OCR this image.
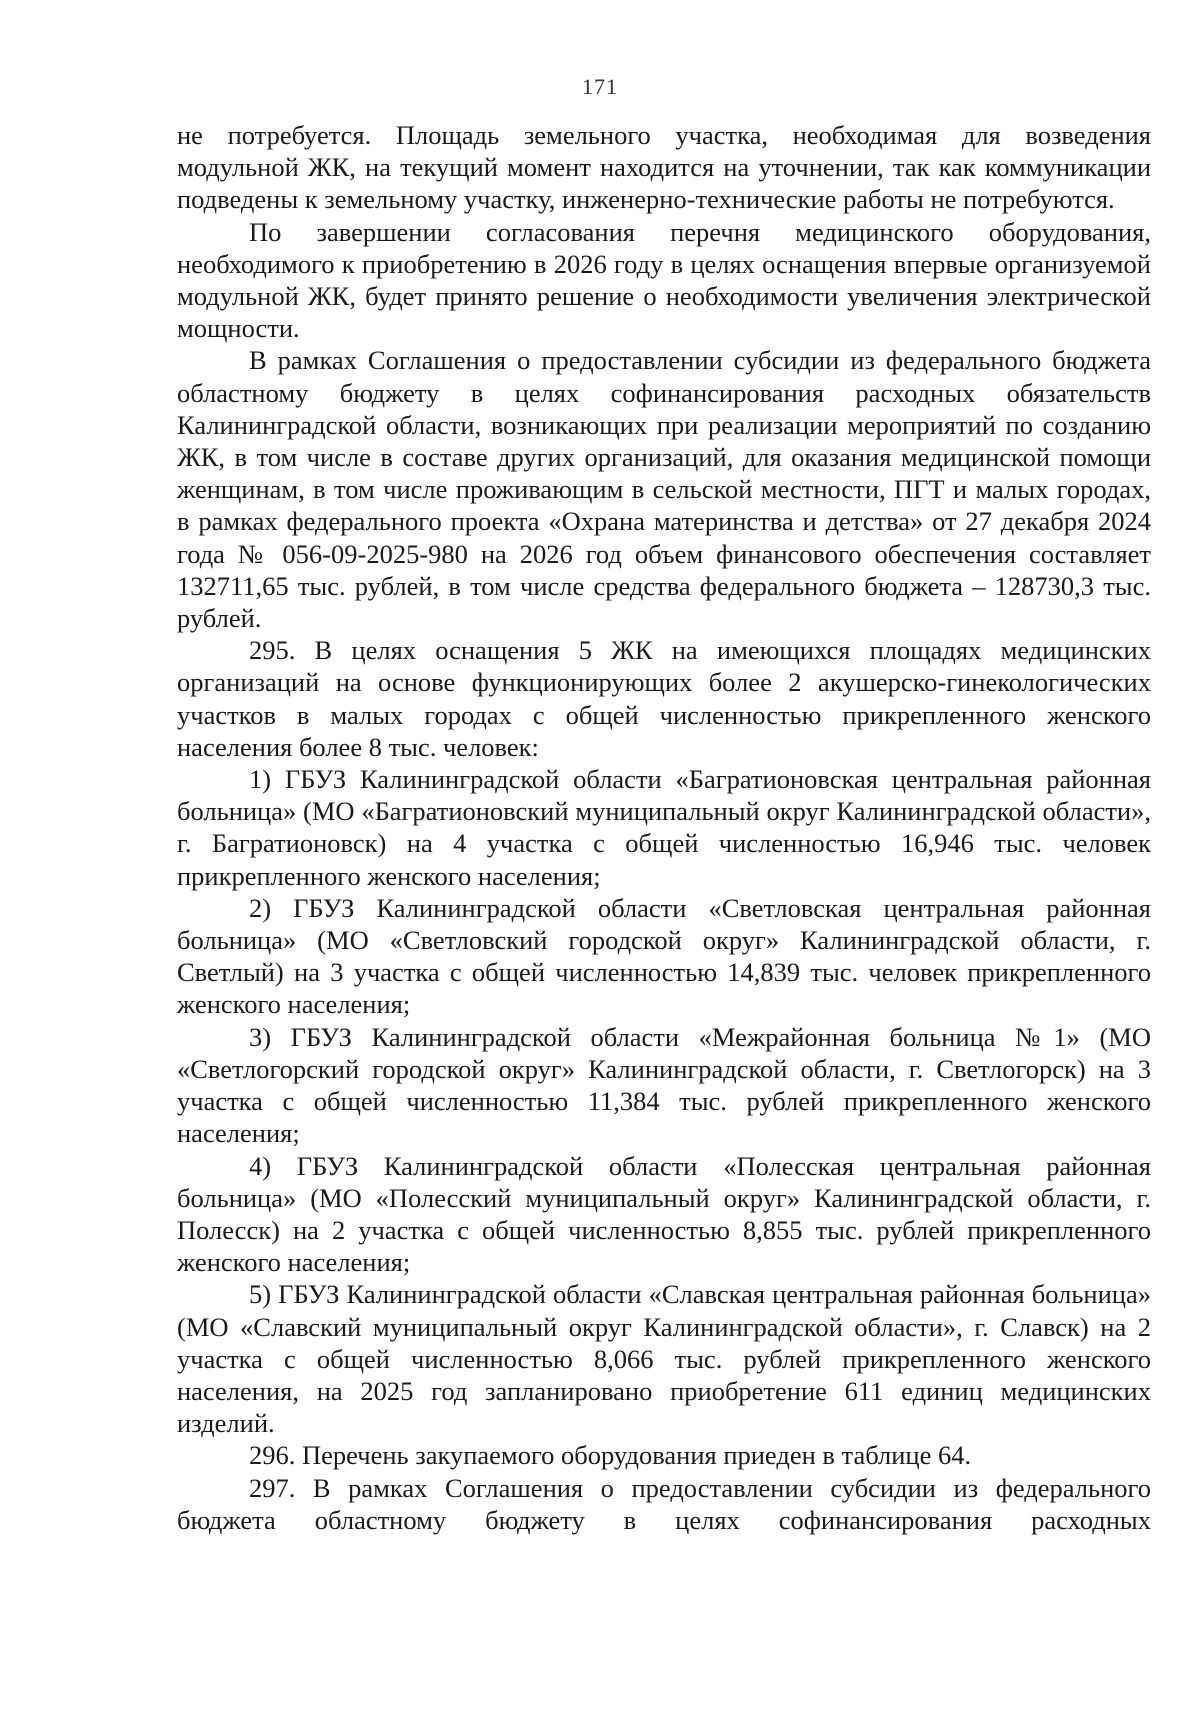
171

не потребуется. Площадь земельного участка, необходимая для возведения модульной ЖК, на текущий момент находится на уточнении, так как коммуникации подведены к земельному участку, инженерно-технические работы не потребуются.

По завершении согласования перечня медицинского оборудования, необходимого к приобретению в 2026 году в целях оснащения впервые организуемой модульной ЖК, будет принято решение о необходимости увеличения электрической мощности.

В рамках Соглашения о предоставлении субсидии из федерального бюджета областному бюджету в целях софинансирования расходных обязательств Калининградской области, возникающих при реализации мероприятий по созданию ЖК, в том числе в составе других организаций, для оказания медицинской помощи женщинам, в том числе проживающим в сельской местности, ПГТ и малых городах, в рамках федерального проекта «Охрана материнства и детства» от 27 декабря 2024 года № 056-09-2025-980 на 2026 год объем финансового обеспечения составляет 132711,65 тыс. рублей, в том числе средства федерального бюджета – 128730,3 тыс. рублей.

295. В целях оснащения 5 ЖК на имеющихся площадях медицинских организаций на основе функционирующих более 2 акушерско-гинекологических участков в малых городах с общей численностью прикрепленного женского населения более 8 тыс. человек:

1) ГБУЗ Калининградской области «Багратионовская центральная районная больница» (МО «Багратионовский муниципальный округ Калининградской области», г. Багратионовск) на 4 участка с общей численностью 16,946 тыс. человек прикрепленного женского населения;

2) ГБУЗ Калининградской области «Светловская центральная районная больница» (МО «Светловский городской округ» Калининградской области, г. Светлый) на 3 участка с общей численностью 14,839 тыс. человек прикрепленного женского населения;

3) ГБУЗ Калининградской области «Межрайонная больница №1» (МО «Светлогорский городской округ» Калининградской области, г. Светлогорск) на 3 участка с общей численностью 11,384 тыс. рублей прикрепленного женского населения;

4) ГБУЗ Калининградской области «Полесская центральная районная больница» (МО «Полесский муниципальный округ» Калининградской области, г. Полесск) на 2 участка с общей численностью 8,855 тыс. рублей прикрепленного женского населения;

5) ГБУЗ Калининградской области «Славская центральная районная больница» (МО «Славский муниципальный округ Калининградской области», г. Славск) на 2 участка с общей численностью 8,066 тыс. рублей прикрепленного женского населения, на 2025 год запланировано приобретение 611 единиц медицинских изделий.

296. Перечень закупаемого оборудования приеден в таблице 64.

297. В рамках Соглашения о предоставлении субсидии из федерального бюджета областному бюджету в целях софинансирования расходных
